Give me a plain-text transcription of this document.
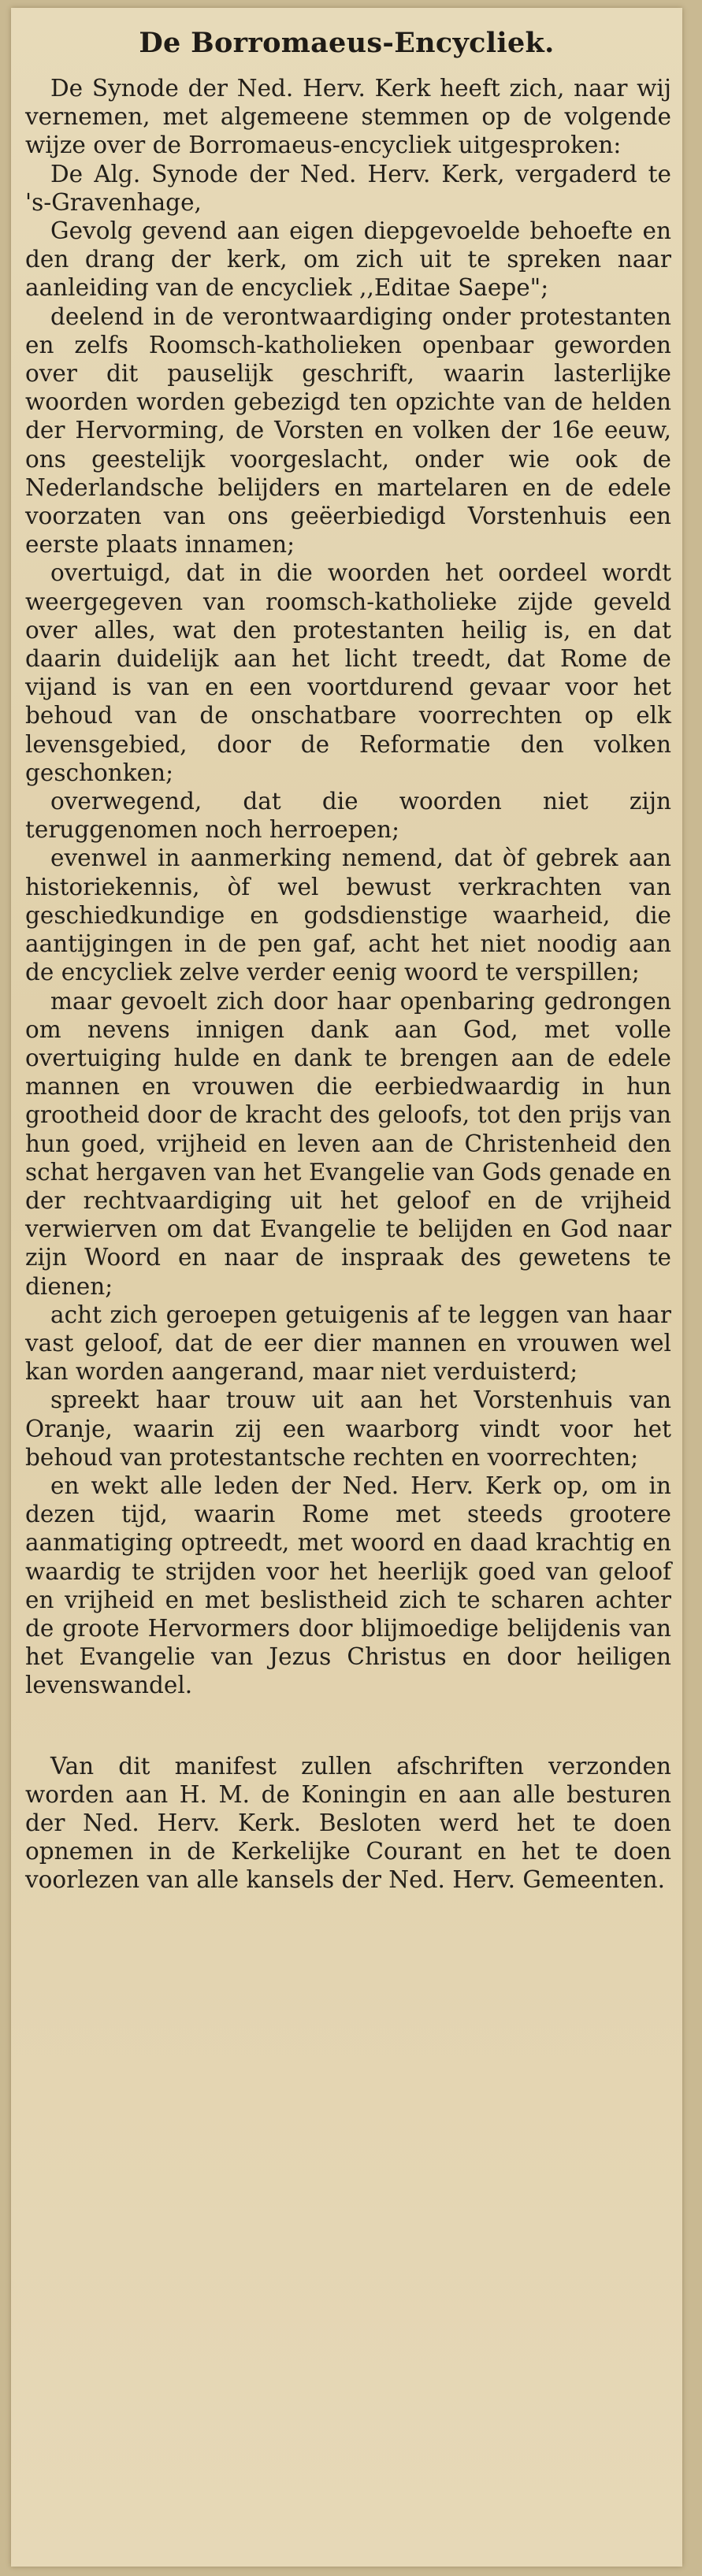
De Borromaeus-Encycliek.

De Synode der Ned. Herv. Kerk heeft zich, naar wij vernemen, met algemeene stemmen op de volgende wijze over de Borromaeus-encycliek uitgesproken:

De Alg. Synode der Ned. Herv. Kerk, vergaderd te 's-Gravenhage,

Gevolg gevend aan eigen diepgevoelde behoefte en den drang der kerk, om zich uit te spreken naar aanleiding van de encycliek ,,Editae Saepe";

deelend in de verontwaardiging onder protestanten en zelfs Roomsch-katholieken openbaar geworden over dit pauselijk geschrift, waarin lasterlijke woorden worden gebezigd ten opzichte van de helden der Hervorming, de Vorsten en volken der 16e eeuw, ons geestelijk voorgeslacht, onder wie ook de Nederlandsche belijders en martelaren en de edele voorzaten van ons geëerbiedigd Vorstenhuis een eerste plaats innamen;

overtuigd, dat in die woorden het oordeel wordt weergegeven van roomsch-katholieke zijde geveld over alles, wat den protestanten heilig is, en dat daarin duidelijk aan het licht treedt, dat Rome de vijand is van en een voortdurend gevaar voor het behoud van de onschatbare voorrechten op elk levensgebied, door de Reformatie den volken geschonken;

overwegend, dat die woorden niet zijn teruggenomen noch herroepen;

evenwel in aanmerking nemend, dat òf gebrek aan historiekennis, òf wel bewust verkrachten van geschiedkundige en godsdienstige waarheid, die aantijgingen in de pen gaf, acht het niet noodig aan de encycliek zelve verder eenig woord te verspillen;

maar gevoelt zich door haar openbaring gedrongen om nevens innigen dank aan God, met volle overtuiging hulde en dank te brengen aan de edele mannen en vrouwen die eerbiedwaardig in hun grootheid door de kracht des geloofs, tot den prijs van hun goed, vrijheid en leven aan de Christenheid den schat hergaven van het Evangelie van Gods genade en der rechtvaardiging uit het geloof en de vrijheid verwierven om dat Evangelie te belijden en God naar zijn Woord en naar de inspraak des gewetens te dienen;

acht zich geroepen getuigenis af te leggen van haar vast geloof, dat de eer dier mannen en vrouwen wel kan worden aangerand, maar niet verduisterd;

spreekt haar trouw uit aan het Vorstenhuis van Oranje, waarin zij een waarborg vindt voor het behoud van protestantsche rechten en voorrechten;

en wekt alle leden der Ned. Herv. Kerk op, om in dezen tijd, waarin Rome met steeds grootere aanmatiging optreedt, met woord en daad krachtig en waardig te strijden voor het heerlijk goed van geloof en vrijheid en met beslistheid zich te scharen achter de groote Hervormers door blijmoedige belijdenis van het Evangelie van Jezus Christus en door heiligen levenswandel.

Van dit manifest zullen afschriften verzonden worden aan H. M. de Koningin en aan alle besturen der Ned. Herv. Kerk. Besloten werd het te doen opnemen in de Kerkelijke Courant en het te doen voorlezen van alle kansels der Ned. Herv. Gemeenten.
